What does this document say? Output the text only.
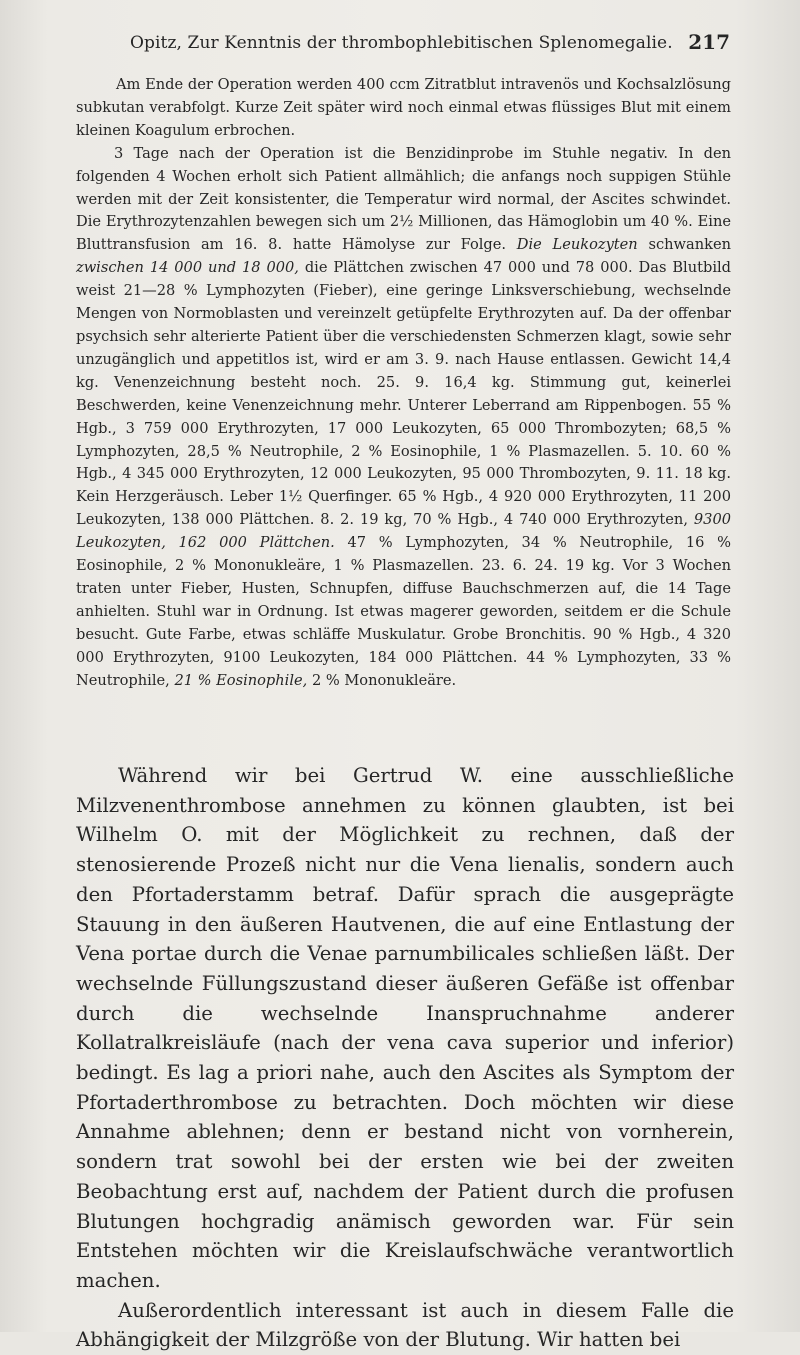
Opitz, Zur Kenntnis der thrombophlebitischen Splenomegalie. 217

Am Ende der Operation werden 400 ccm Zitratblut intravenös und Kochsalzlösung subkutan verabfolgt. Kurze Zeit später wird noch einmal etwas flüssiges Blut mit einem kleinen Koagulum erbrochen.

3 Tage nach der Operation ist die Benzidinprobe im Stuhle negativ. In den folgenden 4 Wochen erholt sich Patient allmählich; die anfangs noch suppigen Stühle werden mit der Zeit konsistenter, die Temperatur wird normal, der Ascites schwindet. Die Erythrozytenzahlen bewegen sich um 2½ Millionen, das Hämoglobin um 40 %. Eine Bluttransfusion am 16. 8. hatte Hämolyse zur Folge. Die Leukozyten schwanken zwischen 14 000 und 18 000, die Plättchen zwischen 47 000 und 78 000. Das Blutbild weist 21—28 % Lymphozyten (Fieber), eine geringe Linksverschiebung, wechselnde Mengen von Normoblasten und vereinzelt getüpfelte Erythrozyten auf. Da der offenbar psychsich sehr alterierte Patient über die verschiedensten Schmerzen klagt, sowie sehr unzugänglich und appetitlos ist, wird er am 3. 9. nach Hause entlassen. Gewicht 14,4 kg. Venenzeichnung besteht noch. 25. 9. 16,4 kg. Stimmung gut, keinerlei Beschwerden, keine Venenzeichnung mehr. Unterer Leberrand am Rippenbogen. 55 % Hgb., 3 759 000 Erythrozyten, 17 000 Leukozyten, 65 000 Thrombozyten; 68,5 % Lymphozyten, 28,5 % Neutrophile, 2 % Eosinophile, 1 % Plasmazellen. 5. 10. 60 % Hgb., 4 345 000 Erythrozyten, 12 000 Leukozyten, 95 000 Thrombozyten, 9. 11. 18 kg. Kein Herzgeräusch. Leber 1½ Querfinger. 65 % Hgb., 4 920 000 Erythrozyten, 11 200 Leukozyten, 138 000 Plättchen. 8. 2. 19 kg, 70 % Hgb., 4 740 000 Erythrozyten, 9300 Leukozyten, 162 000 Plättchen. 47 % Lymphozyten, 34 % Neutrophile, 16 % Eosinophile, 2 % Mononukleäre, 1 % Plasmazellen. 23. 6. 24. 19 kg. Vor 3 Wochen traten unter Fieber, Husten, Schnupfen, diffuse Bauchschmerzen auf, die 14 Tage anhielten. Stuhl war in Ordnung. Ist etwas magerer geworden, seitdem er die Schule besucht. Gute Farbe, etwas schläffe Muskulatur. Grobe Bronchitis. 90 % Hgb., 4 320 000 Erythrozyten, 9100 Leukozyten, 184 000 Plättchen. 44 % Lymphozyten, 33 % Neutrophile, 21 % Eosinophile, 2 % Mononukleäre.

Während wir bei Gertrud W. eine ausschließliche Milzvenenthrombose annehmen zu können glaubten, ist bei Wilhelm O. mit der Möglichkeit zu rechnen, daß der stenosierende Prozeß nicht nur die Vena lienalis, sondern auch den Pfortaderstamm betraf. Dafür sprach die ausgeprägte Stauung in den äußeren Hautvenen, die auf eine Entlastung der Vena portae durch die Venae parnumbilicales schließen läßt. Der wechselnde Füllungszustand dieser äußeren Gefäße ist offenbar durch die wechselnde Inanspruchnahme anderer Kollatralkreisläufe (nach der vena cava superior und inferior) bedingt. Es lag a priori nahe, auch den Ascites als Symptom der Pfortaderthrombose zu betrachten. Doch möchten wir diese Annahme ablehnen; denn er bestand nicht von vornherein, sondern trat sowohl bei der ersten wie bei der zweiten Beobachtung erst auf, nachdem der Patient durch die profusen Blutungen hochgradig anämisch geworden war. Für sein Entstehen möchten wir die Kreislaufschwäche verantwortlich machen.

Außerordentlich interessant ist auch in diesem Falle die Abhängigkeit der Milzgröße von der Blutung. Wir hatten bei
